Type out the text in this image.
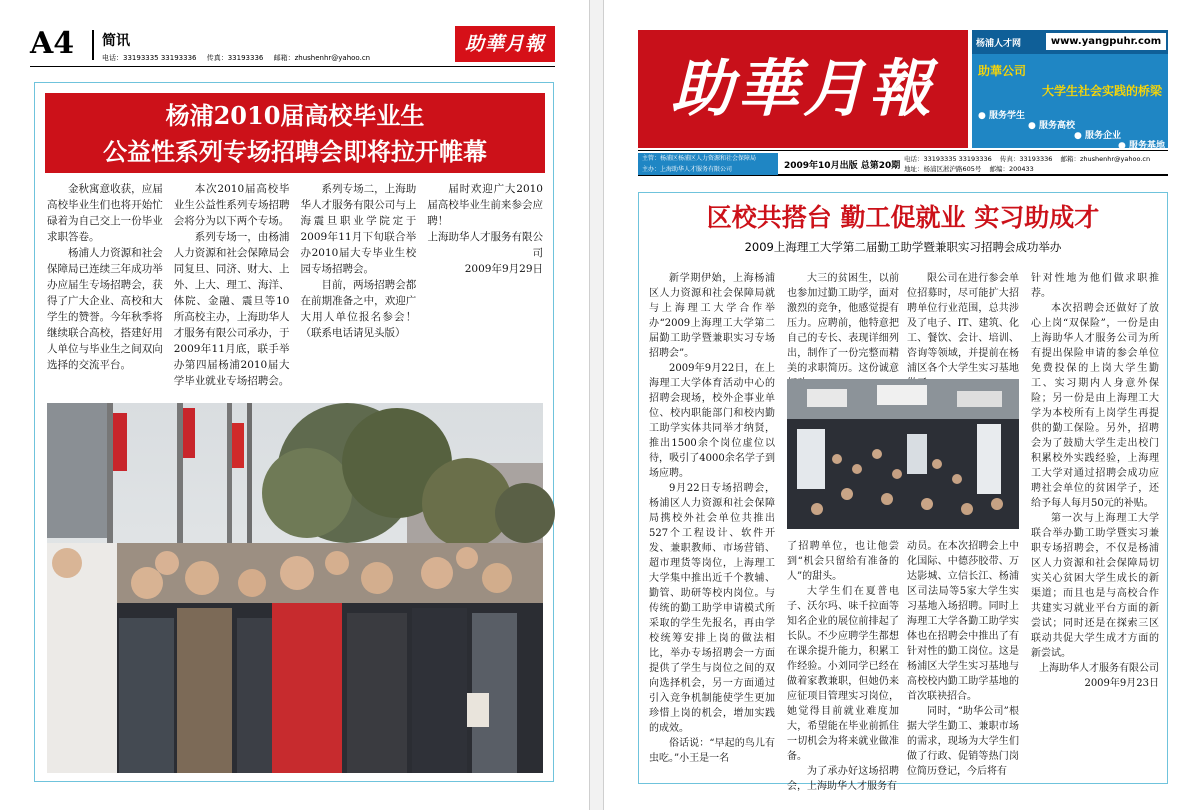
A4 简讯
电话：33193335 33193336 传真：33193336 邮箱：zhushenhr@yahoo.cn
助華月報
杨浦2010届高校毕业生
公益性系列专场招聘会即将拉开帷幕

金秋寓意收获，应届高校毕业生们也将开始忙碌着为自己交上一份毕业求职答卷。

杨浦人力资源和社会保障局已连续三年成功举办应届生专场招聘会，获得了广大企业、高校和大学生的赞誉。今年秋季将继续联合高校，搭建好用人单位与毕业生之间双向选择的交流平台。

本次2010届高校毕业生公益性系列专场招聘会将分为以下两个专场。

系列专场一，由杨浦人力资源和社会保障局会同复旦、同济、财大、上外、上大、理工、海洋、体院、金融、震旦等10所高校主办，上海助华人才服务有限公司承办，于2009年11月底，联手举办第四届杨浦2010届大学毕业就业专场招聘会。

系列专场二，上海助华人才服务有限公司与上海震旦职业学院定于2009年11月下旬联合举办2010届大专毕业生校园专场招聘会。

目前，两场招聘会都在前期准备之中，欢迎广大用人单位报名参会！（联系电话请见头版）

届时欢迎广大2010届高校毕业生前来参会应聘！

上海助华人才服务有限公司

2009年9月29日

助華月報
杨浦人才网	www.yangpuhr.com
助華公司
大学生社会实践的桥梁
● 服务学生
● 服务高校
● 服务企业
● 服务基地
主管：杨浦区杨浦区人力资源和社会保障局
主办：上海助华人才服务有限公司	2009年10月出版 总第20期
电话：33193335 33193336 传真：33193336 邮箱：zhushenhr@yahoo.cn
地址：杨浦区淞沪路605号 邮编：200433
区校共搭台 勤工促就业 实习助成才
2009上海理工大学第二届勤工助学暨兼职实习招聘会成功举办

新学期伊始，上海杨浦区人力资源和社会保障局就与上海理工大学合作举办“2009上海理工大学第二届勤工助学暨兼职实习专场招聘会”。

2009年9月22日，在上海理工大学体育活动中心的招聘会现场，校外企事业单位、校内职能部门和校内勤工助学实体共同举才纳贤，推出1500余个岗位虚位以待，吸引了4000余名学子到场应聘。

9月22日专场招聘会，杨浦区人力资源和社会保障局携校外社会单位共推出527个工程设计、软件开发、兼职教师、市场营销、超市理货等岗位，上海理工大学集中推出近千个教辅、勤管、助研等校内岗位。与传统的勤工助学申请模式所采取的学生先报名，再由学校统筹安排上岗的做法相比，举办专场招聘会一方面提供了学生与岗位之间的双向选择机会，另一方面通过引入竞争机制能使学生更加珍惜上岗的机会，增加实践的成效。

俗话说：“早起的鸟儿有虫吃。”小王是一名

大三的贫困生，以前也参加过勤工助学，面对激烈的竞争，他感觉提有压力。应聘前，他特意把自己的专长、表现详细列出，制作了一份完整而精美的求职简历。这份诚意

限公司在进行参会单位招募时，尽可能扩大招聘单位行业范围，总共涉及了电子、IT、建筑、化工、餐饮、会计、培训、咨询等领域，并提前在杨浦区各个大学生实习基地

了招聘单位，也让他尝到“机会只留给有准备的人”的甜头。

大学生们在夏普电子、沃尔玛、味千拉面等知名企业的展位前排起了长队。不少应聘学生都想在课余提升能力，积累工作经验。小刘同学已经在做着家教兼职，但她仍来应征项目管理实习岗位，她觉得目前就业难度加大，希望能在毕业前抓住一切机会为将来就业做准备。

为了承办好这场招聘会，上海助华人才服务有

动员。在本次招聘会上中化国际、中德莎胶带、万达影城、立信长江、杨浦区司法局等5家大学生实习基地入场招聘。同时上海理工大学各勤工助学实体也在招聘会中推出了有针对性的勤工岗位。这是杨浦区大学生实习基地与高校校内勤工助学基地的首次联袂招合。

同时，“助华公司”根据大学生勤工、兼职市场的需求，现场为大学生们做了行政、促销等热门岗位简历登记，今后将有

针对性地为他们做求职推荐。

本次招聘会还做好了放心上岗“双保险”，一份是由上海助华人才服务公司为所有提出保险申请的参会单位免费投保的上岗大学生勤工、实习期内人身意外保险；另一份是由上海理工大学为本校所有上岗学生再提供的勤工保险。另外，招聘会为了鼓励大学生走出校门积累校外实践经验，上海理工大学对通过招聘会成功应聘社会单位的贫困学子，还给予每人每月50元的补贴。

第一次与上海理工大学联合举办勤工助学暨实习兼职专场招聘会，不仅是杨浦区人力资源和社会保障局切实关心贫困大学生成长的新渠道；而且也是与高校合作共建实习就业平台方面的新尝试；同时还是在探索三区联动共促大学生成才方面的新尝试。

上海助华人才服务有限公司

2009年9月23日
